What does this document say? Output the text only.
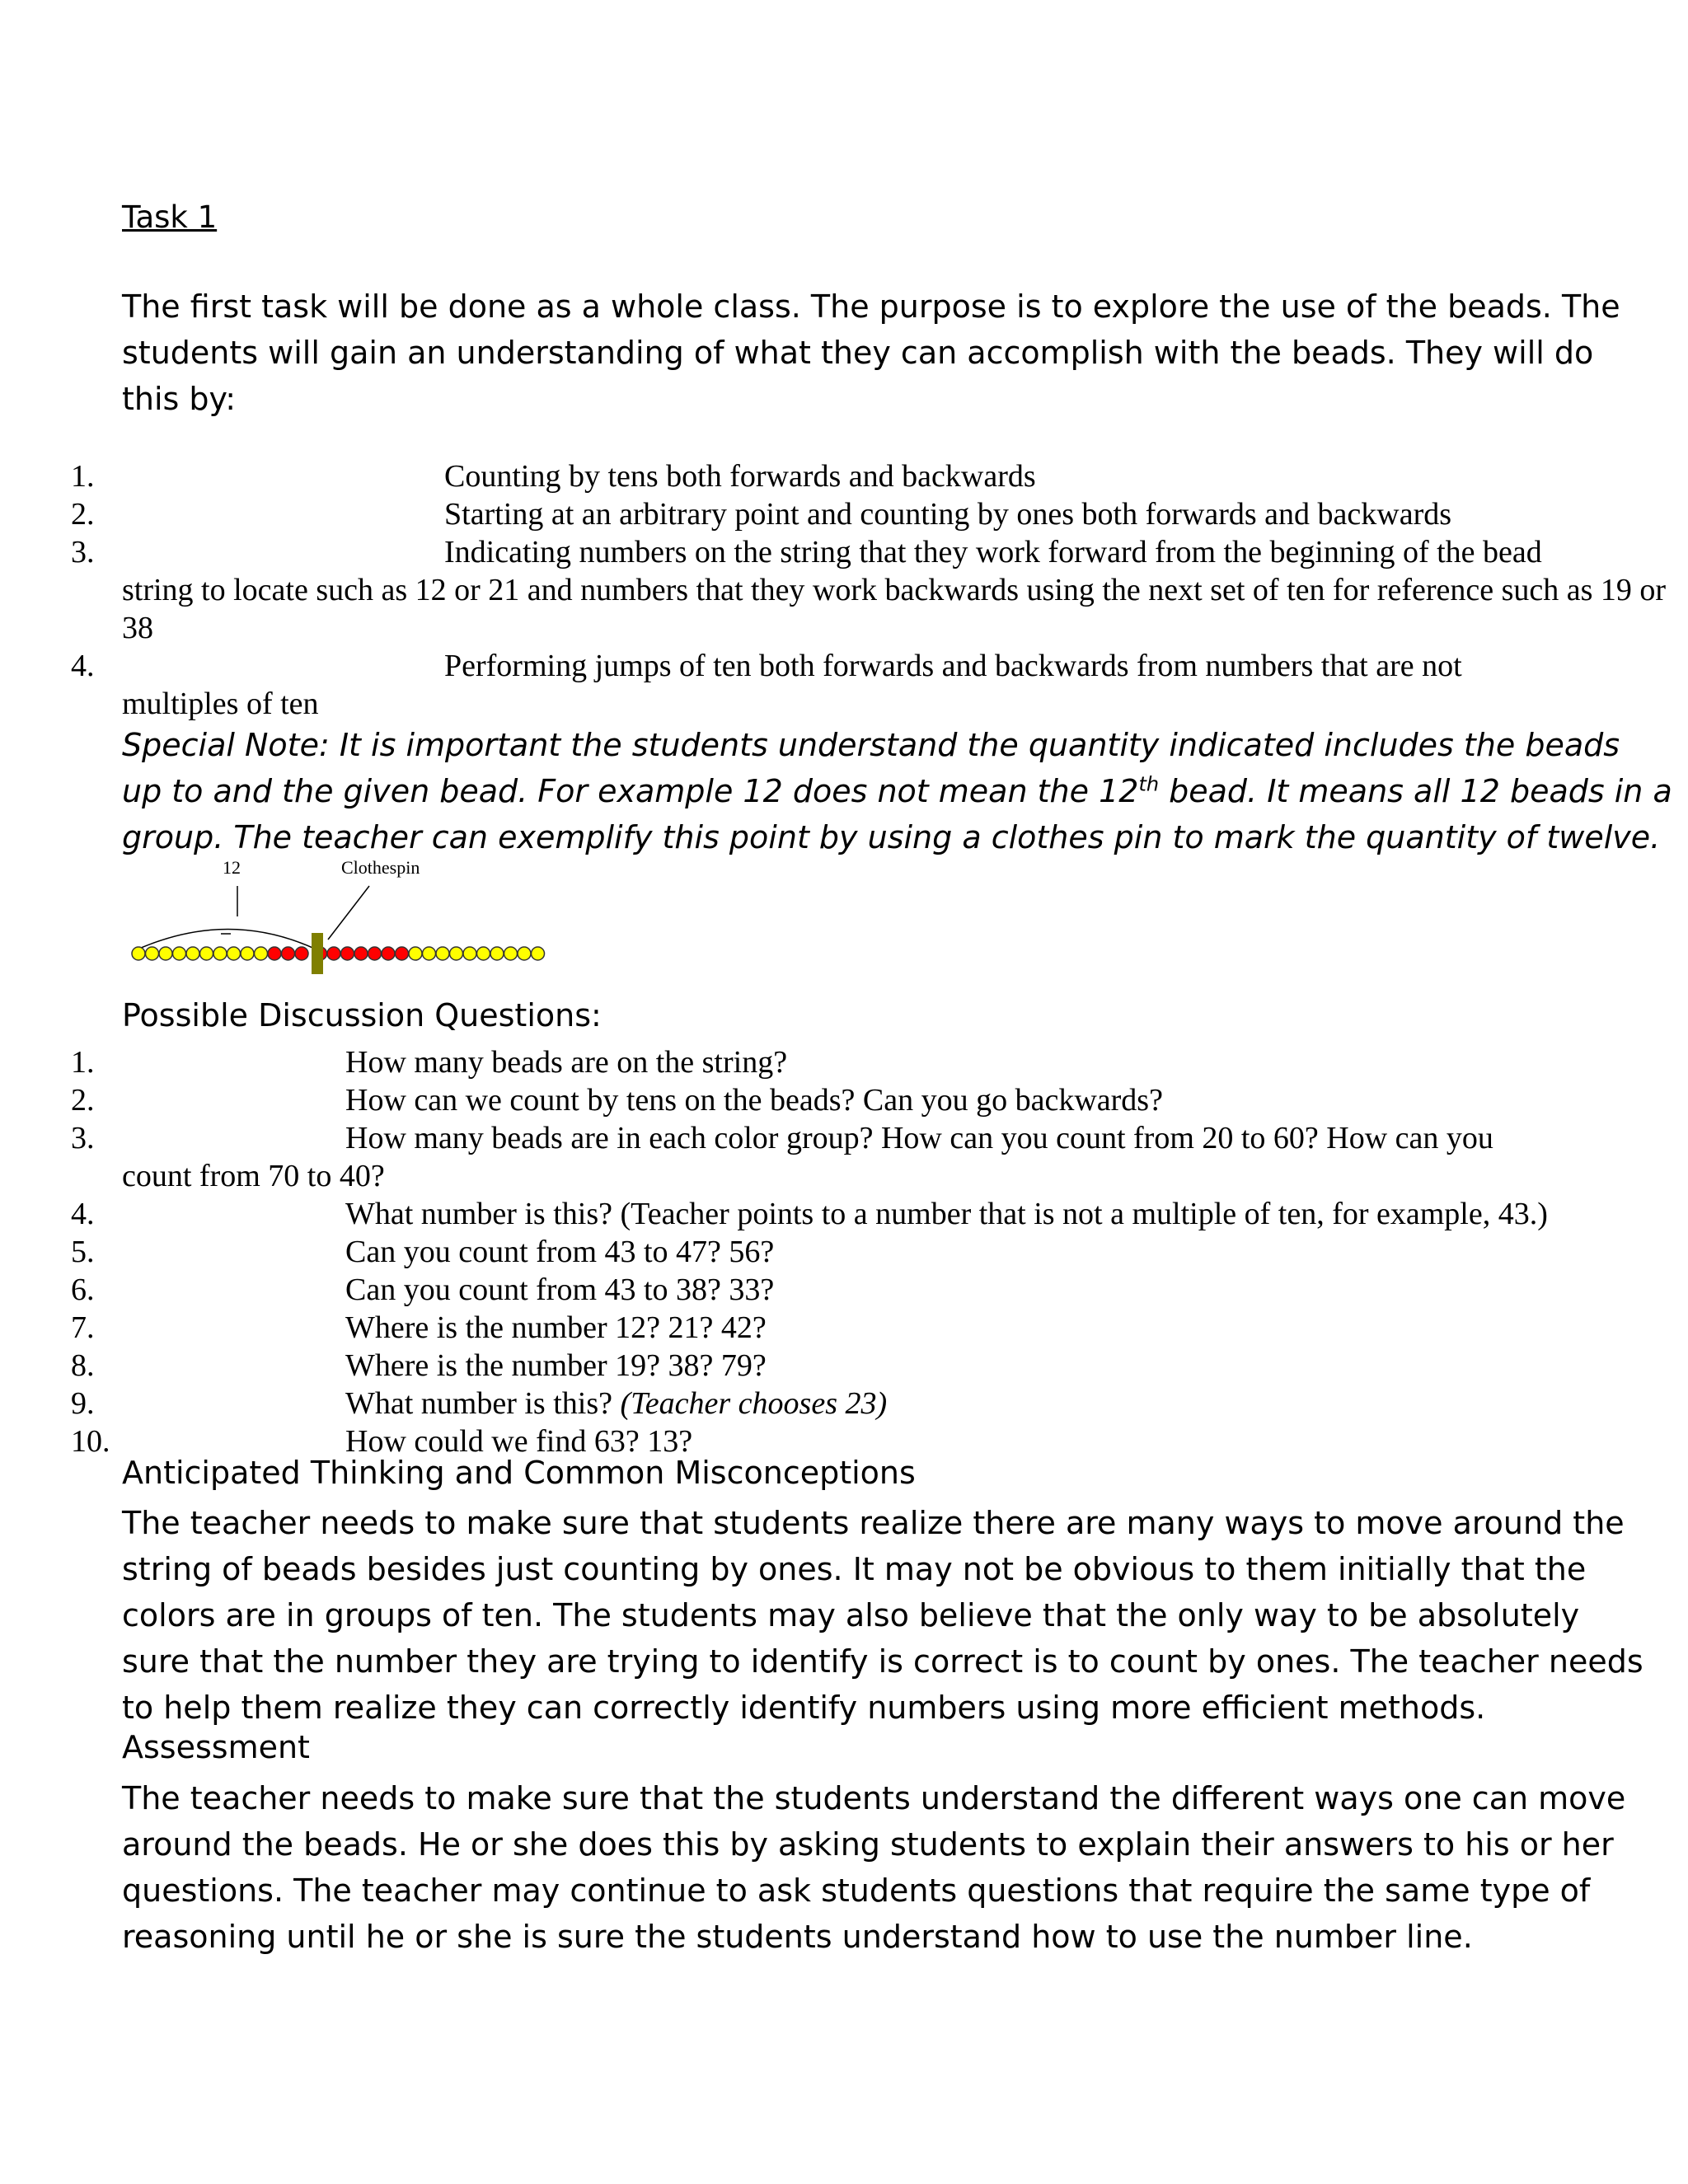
Task 1
The first task will be done as a whole class. The purpose is to explore the use of the beads. The students will gain an understanding of what they can accomplish with the beads. They will do this by:
1.	Counting by tens both forwards and backwards
2.	Starting at an arbitrary point and counting by ones both forwards and backwards
3.	Indicating numbers on the string that they work forward from the beginning of the bead
string to locate such as 12 or 21 and numbers that they work backwards using the next set of ten for reference such as 19 or 38
4.	Performing jumps of ten both forwards and backwards from numbers that are not
multiples of ten
Special Note: It is important the students understand the quantity indicated includes the beads
up to and the given bead. For example 12 does not mean the 12th bead. It means all 12 beads in a
group. The teacher can exemplify this point by using a clothes pin to mark the quantity of twelve.
12	Clothespin
Possible Discussion Questions:
1.	How many beads are on the string?
2.	How can we count by tens on the beads? Can you go backwards?
3.	How many beads are in each color group? How can you count from 20 to 60? How can you
count from 70 to 40?
4.	What number is this? (Teacher points to a number that is not a multiple of ten, for example, 43.)
5.	Can you count from 43 to 47? 56?
6.	Can you count from 43 to 38? 33?
7.	Where is the number 12? 21? 42?
8.	Where is the number 19? 38? 79?
9.	What number is this? (Teacher chooses 23)
10.	How could we find 63? 13?
Anticipated Thinking and Common Misconceptions
The teacher needs to make sure that students realize there are many ways to move around the string of beads besides just counting by ones. It may not be obvious to them initially that the colors are in groups of ten. The students may also believe that the only way to be absolutely sure that the number they are trying to identify is correct is to count by ones. The teacher needs to help them realize they can correctly identify numbers using more efficient methods.
Assessment
The teacher needs to make sure that the students understand the different ways one can move around the beads. He or she does this by asking students to explain their answers to his or her questions. The teacher may continue to ask students questions that require the same type of reasoning until he or she is sure the students understand how to use the number line.
